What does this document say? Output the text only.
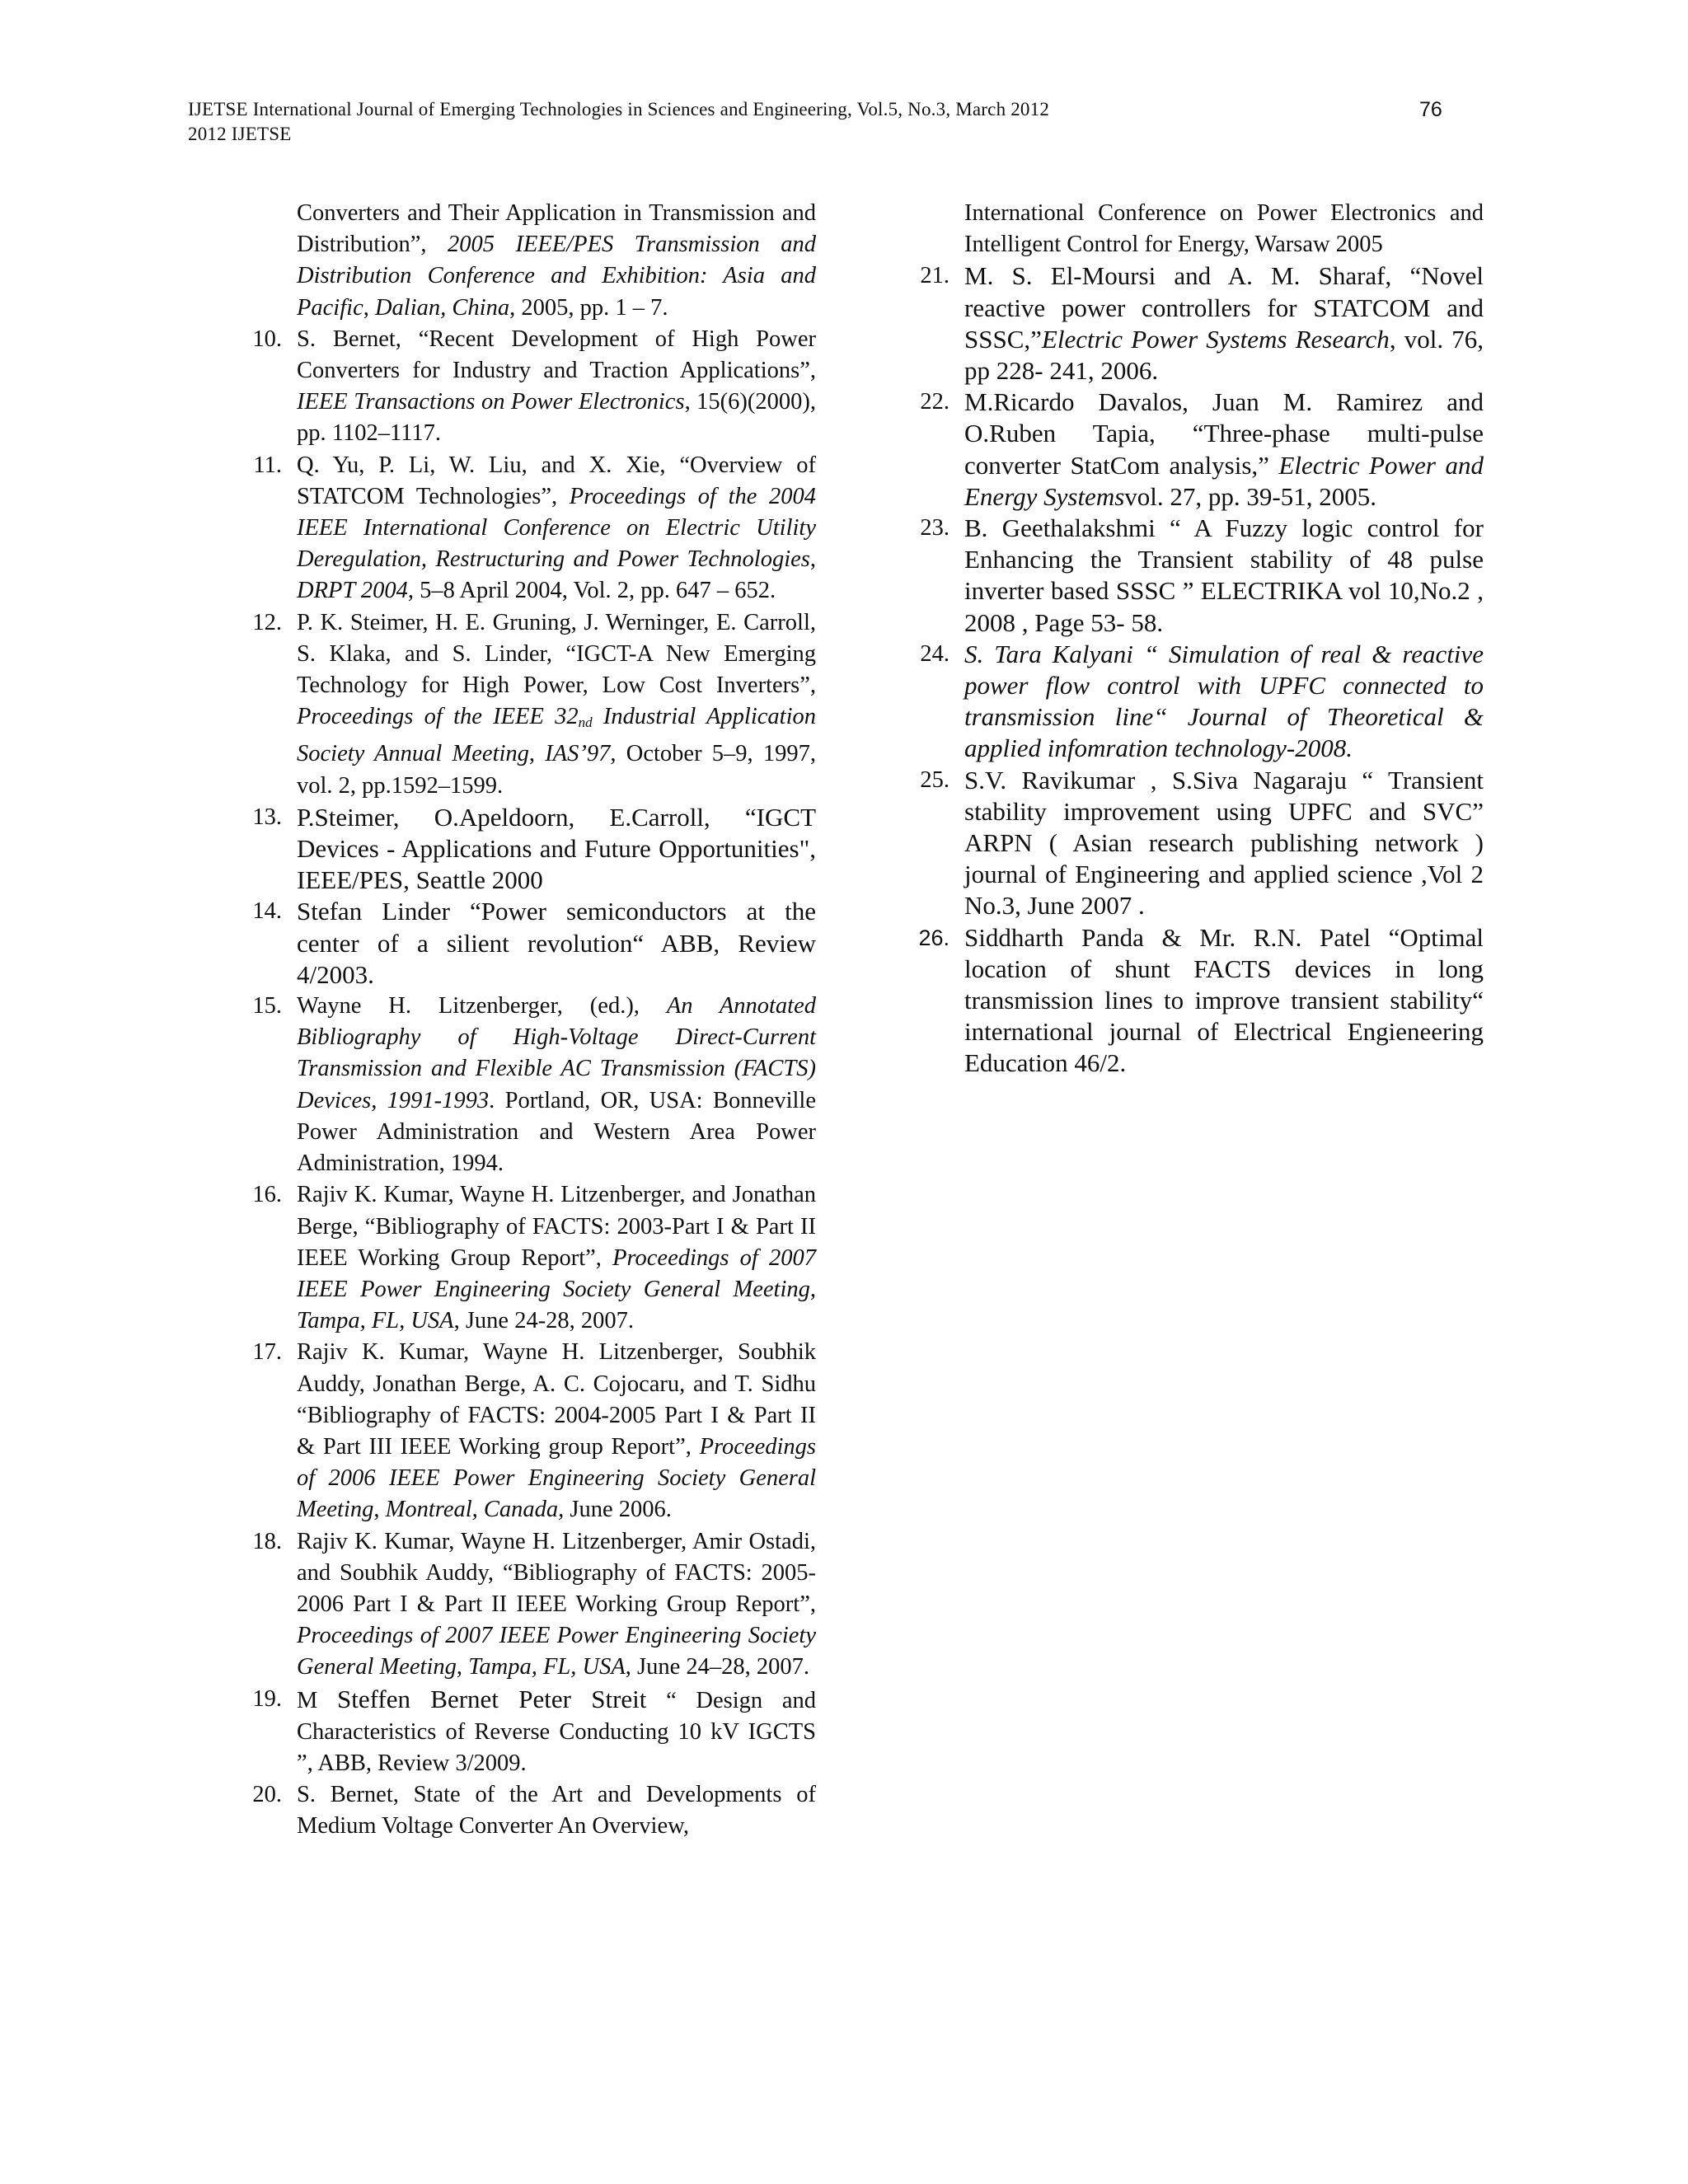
IJETSE International Journal of Emerging Technologies in Sciences and Engineering, Vol.5, No.3, March 2012
2012 IJETSE
76
Converters and Their Application in Transmission and Distribution”, 2005 IEEE/PES Transmission and Distribution Conference and Exhibition: Asia and Pacific, Dalian, China, 2005, pp. 1 – 7.
10. S. Bernet, “Recent Development of High Power Converters for Industry and Traction Applications”, IEEE Transactions on Power Electronics, 15(6)(2000), pp. 1102–1117.
11. Q. Yu, P. Li, W. Liu, and X. Xie, “Overview of STATCOM Technologies”, Proceedings of the 2004 IEEE International Conference on Electric Utility Deregulation, Restructuring and Power Technologies, DRPT 2004, 5–8 April 2004, Vol. 2, pp. 647 – 652.
12. P. K. Steimer, H. E. Gruning, J. Werninger, E. Carroll, S. Klaka, and S. Linder, “IGCT-A New Emerging Technology for High Power, Low Cost Inverters”, Proceedings of the IEEE 32nd Industrial Application Society Annual Meeting, IAS’97, October 5–9, 1997, vol. 2, pp.1592–1599.
13. P.Steimer, O.Apeldoorn, E.Carroll, “IGCT Devices - Applications and Future Opportunities", IEEE/PES, Seattle 2000
14. Stefan Linder “Power semiconductors at the center of a silient revolution“ ABB, Review 4/2003.
15. Wayne H. Litzenberger, (ed.), An Annotated Bibliography of High-Voltage Direct-Current Transmission and Flexible AC Transmission (FACTS) Devices, 1991-1993. Portland, OR, USA: Bonneville Power Administration and Western Area Power Administration, 1994.
16. Rajiv K. Kumar, Wayne H. Litzenberger, and Jonathan Berge, “Bibliography of FACTS: 2003-Part I & Part II IEEE Working Group Report”, Proceedings of 2007 IEEE Power Engineering Society General Meeting, Tampa, FL, USA, June 24-28, 2007.
17. Rajiv K. Kumar, Wayne H. Litzenberger, Soubhik Auddy, Jonathan Berge, A. C. Cojocaru, and T. Sidhu “Bibliography of FACTS: 2004-2005 Part I & Part II & Part III IEEE Working group Report”, Proceedings of 2006 IEEE Power Engineering Society General Meeting, Montreal, Canada, June 2006.
18. Rajiv K. Kumar, Wayne H. Litzenberger, Amir Ostadi, and Soubhik Auddy, “Bibliography of FACTS: 2005-2006 Part I & Part II IEEE Working Group Report”, Proceedings of 2007 IEEE Power Engineering Society General Meeting, Tampa, FL, USA, June 24–28, 2007.
19. M Steffen Bernet Peter Streit “ Design and Characteristics of Reverse Conducting 10 kV IGCTS ”, ABB, Review 3/2009.
20. S. Bernet, State of the Art and Developments of Medium Voltage Converter An Overview,
International Conference on Power Electronics and Intelligent Control for Energy, Warsaw 2005
21. M. S. El-Moursi and A. M. Sharaf, “Novel reactive power controllers for STATCOM and SSSC,”Electric Power Systems Research, vol. 76, pp 228- 241, 2006.
22. M.Ricardo Davalos, Juan M. Ramirez and O.Ruben Tapia, “Three-phase multi-pulse converter StatCom analysis,” Electric Power and Energy Systemsvol. 27, pp. 39-51, 2005.
23. B. Geethalakshmi “ A Fuzzy logic control for Enhancing the Transient stability of 48 pulse inverter based SSSC ” ELECTRIKA vol 10,No.2 , 2008 , Page 53- 58.
24. S. Tara Kalyani “ Simulation of real & reactive power flow control with UPFC connected to transmission line“ Journal of Theoretical & applied infomration technology-2008.
25. S.V. Ravikumar , S.Siva Nagaraju “ Transient stability improvement using UPFC and SVC” ARPN ( Asian research publishing network ) journal of Engineering and applied science ,Vol 2 No.3, June 2007 .
26. Siddharth Panda & Mr. R.N. Patel “Optimal location of shunt FACTS devices in long transmission lines to improve transient stability“ international journal of Electrical Engieneering Education 46/2.
